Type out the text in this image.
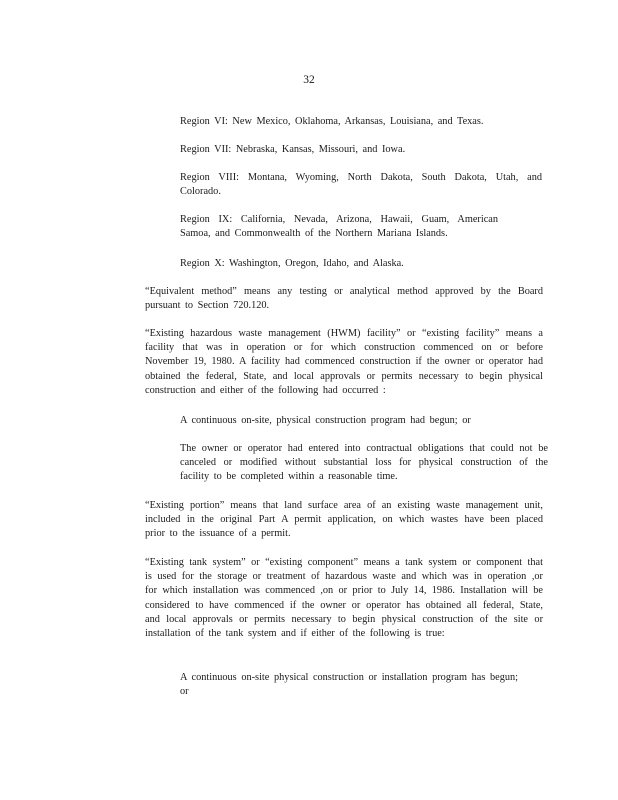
32
Region VI: New Mexico, Oklahoma, Arkansas, Louisiana, and Texas.
Region VII: Nebraska, Kansas, Missouri, and Iowa.
Region VIII: Montana, Wyoming, North Dakota, South Dakota, Utah, and Colorado.
Region IX: California, Nevada, Arizona, Hawaii, Guam, American Samoa, and Commonwealth of the Northern Mariana Islands.
Region X: Washington, Oregon, Idaho, and Alaska.
“Equivalent method” means any testing or analytical method approved by the Board pursuant to Section 720.120.
“Existing hazardous waste management (HWM) facility” or “existing facility” means a facility that was in operation or for which construction commenced on or before November 19, 1980. A facility had commenced construction if the owner or operator had obtained the federal, State, and local approvals or permits necessary to begin physical construction and either of the following had occurred :
A continuous on-site, physical construction program had begun; or
The owner or operator had entered into contractual obligations that could not be canceled or modified without substantial loss for physical construction of the facility to be completed within a reasonable time.
“Existing portion” means that land surface area of an existing waste management unit, included in the original Part A permit application, on which wastes have been placed prior to the issuance of a permit.
“Existing tank system” or “existing component” means a tank system or component that is used for the storage or treatment of hazardous waste and which was in operation ,or for which installation was commenced ,on or prior to July 14, 1986. Installation will be considered to have commenced if the owner or operator has obtained all federal, State, and local approvals or permits necessary to begin physical construction of the site or installation of the tank system and if either of the following is true:
A continuous on-site physical construction or installation program has begun; or
